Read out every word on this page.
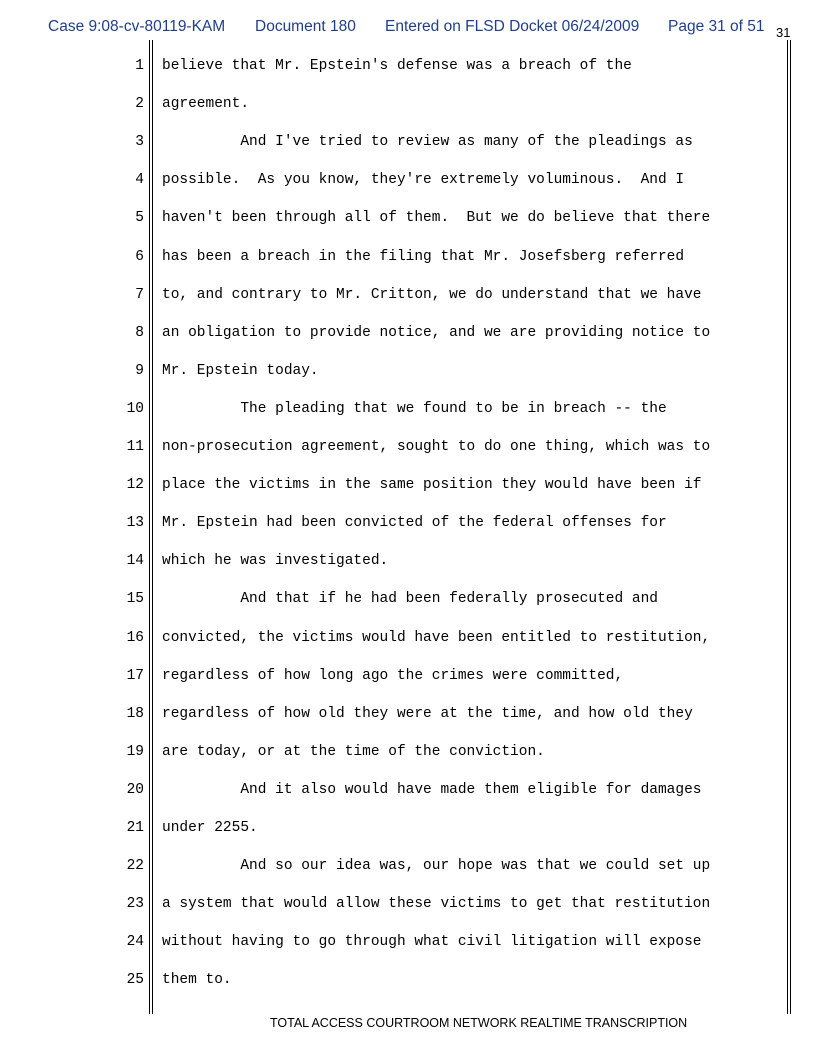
Case 9:08-cv-80119-KAM Document 180 Entered on FLSD Docket 06/24/2009 Page 31 of 51 31
1 believe that Mr. Epstein's defense was a breach of the
2 agreement.
3 And I've tried to review as many of the pleadings as
4 possible.  As you know, they're extremely voluminous.  And I
5 haven't been through all of them.  But we do believe that there
6 has been a breach in the filing that Mr. Josefsberg referred
7 to, and contrary to Mr. Critton, we do understand that we have
8 an obligation to provide notice, and we are providing notice to
9 Mr. Epstein today.
10 The pleading that we found to be in breach -- the
11 non-prosecution agreement, sought to do one thing, which was to
12 place the victims in the same position they would have been if
13 Mr. Epstein had been convicted of the federal offenses for
14 which he was investigated.
15 And that if he had been federally prosecuted and
16 convicted, the victims would have been entitled to restitution,
17 regardless of how long ago the crimes were committed,
18 regardless of how old they were at the time, and how old they
19 are today, or at the time of the conviction.
20 And it also would have made them eligible for damages
21 under 2255.
22 And so our idea was, our hope was that we could set up
23 a system that would allow these victims to get that restitution
24 without having to go through what civil litigation will expose
25 them to.
TOTAL ACCESS COURTROOM NETWORK REALTIME TRANSCRIPTION
